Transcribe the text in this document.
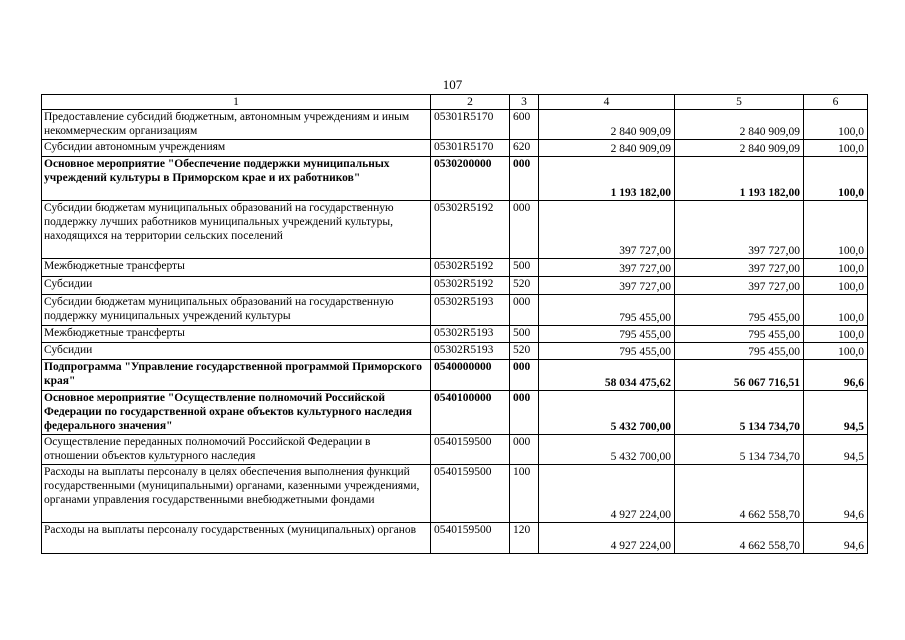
107
1	2	3	4	5	6
Предоставление субсидий бюджетным, автономным учреждениям и иным некоммерческим организациям	05301R5170	600	2 840 909,09	2 840 909,09	100,0
Субсидии автономным учреждениям	05301R5170	620	2 840 909,09	2 840 909,09	100,0
Основное мероприятие "Обеспечение поддержки муниципальных учреждений культуры в Приморском крае и их работников"	0530200000	000	1 193 182,00	1 193 182,00	100,0
Субсидии бюджетам муниципальных образований на государственную поддержку лучших работников муниципальных учреждений культуры, находящихся на территории сельских поселений	05302R5192	000	397 727,00	397 727,00	100,0
Межбюджетные трансферты	05302R5192	500	397 727,00	397 727,00	100,0
Субсидии	05302R5192	520	397 727,00	397 727,00	100,0
Субсидии бюджетам муниципальных образований на государственную поддержку муниципальных учреждений культуры	05302R5193	000	795 455,00	795 455,00	100,0
Межбюджетные трансферты	05302R5193	500	795 455,00	795 455,00	100,0
Субсидии	05302R5193	520	795 455,00	795 455,00	100,0
Подпрограмма "Управление государственной программой Приморского края"	0540000000	000	58 034 475,62	56 067 716,51	96,6
Основное мероприятие "Осуществление полномочий Российской Федерации по государственной охране объектов культурного наследия федерального значения"	0540100000	000	5 432 700,00	5 134 734,70	94,5
Осуществление переданных полномочий Российской Федерации в отношении объектов культурного наследия	0540159500	000	5 432 700,00	5 134 734,70	94,5
Расходы на выплаты персоналу в целях обеспечения выполнения функций государственными (муниципальными) органами, казенными учреждениями, органами управления государственными внебюджетными фондами	0540159500	100	4 927 224,00	4 662 558,70	94,6
Расходы на выплаты персоналу государственных (муниципальных) органов	0540159500	120	4 927 224,00	4 662 558,70	94,6
